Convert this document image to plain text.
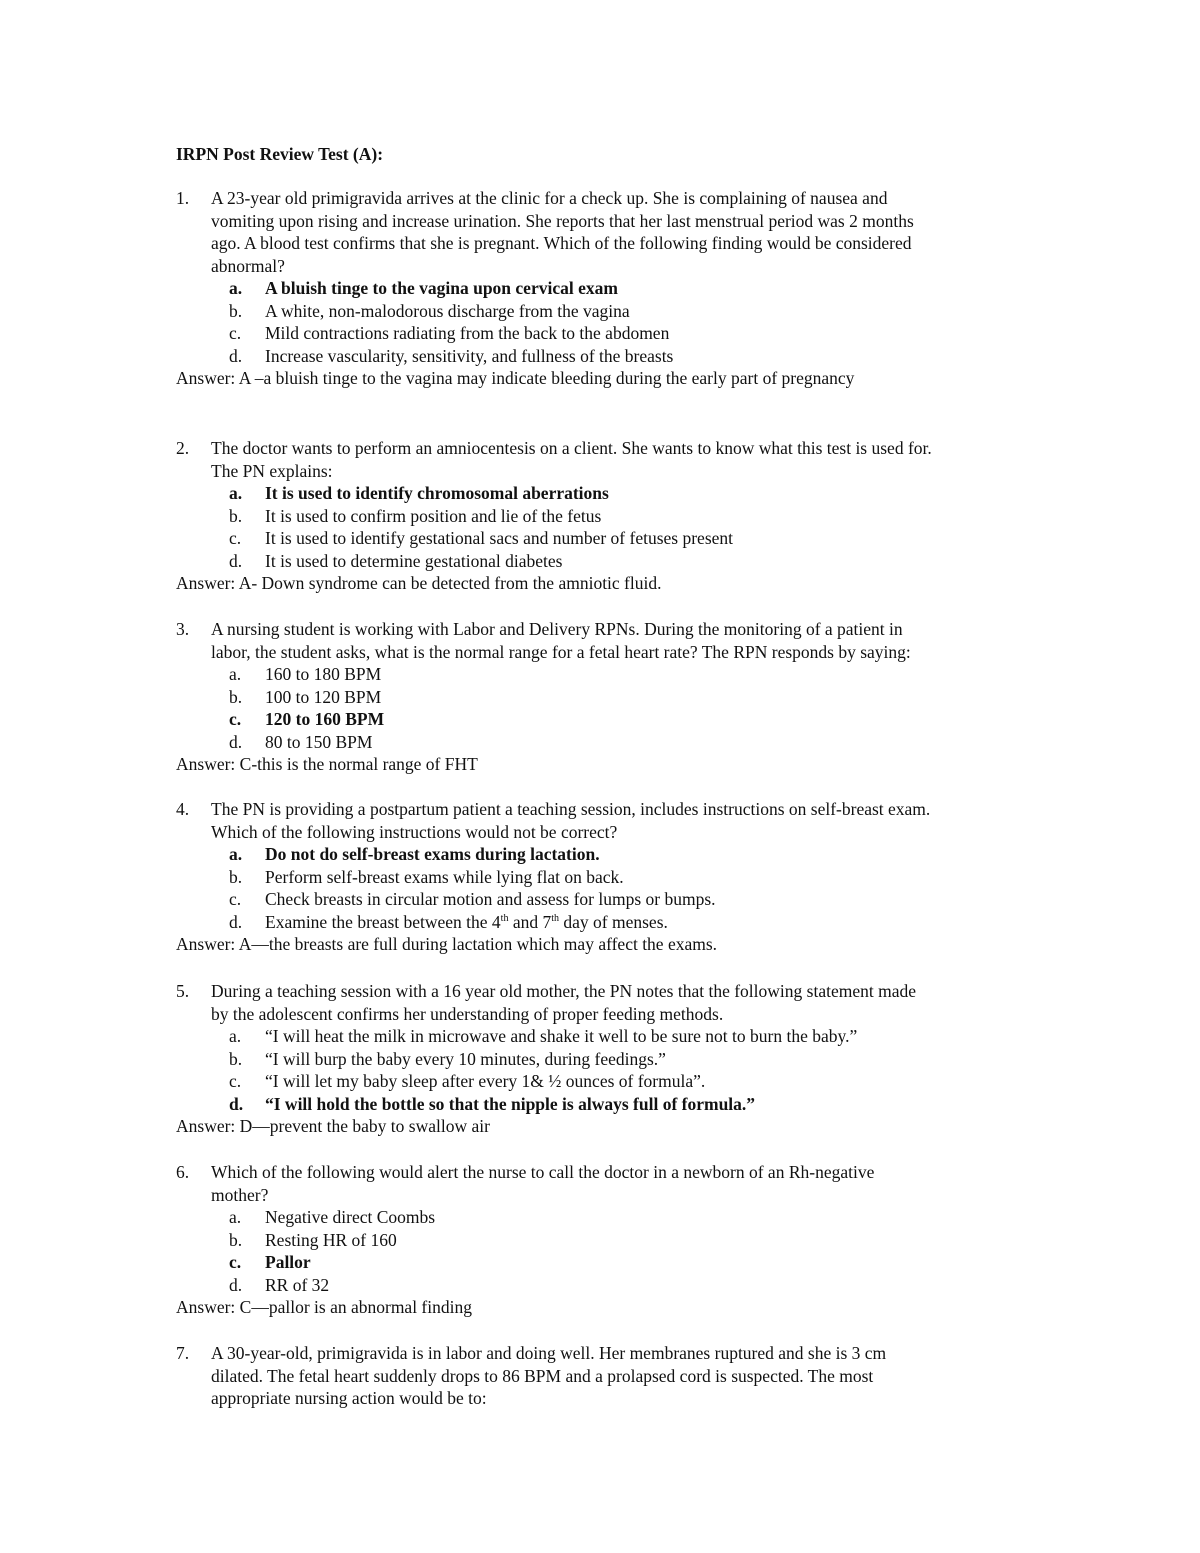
IRPN Post Review Test (A):
1.	A 23-year old primigravida arrives at the clinic for a check up. She is complaining of nausea and
vomiting upon rising and increase urination. She reports that her last menstrual period was 2 months
ago. A blood test confirms that she is pregnant. Which of the following finding would be considered
abnormal?
a.	A bluish tinge to the vagina upon cervical exam
b.	A white, non-malodorous discharge from the vagina
c.	Mild contractions radiating from the back to the abdomen
d.	Increase vascularity, sensitivity, and fullness of the breasts
Answer: A –a bluish tinge to the vagina may indicate bleeding during the early part of pregnancy
2.	The doctor wants to perform an amniocentesis on a client. She wants to know what this test is used for.
The PN explains:
a.	It is used to identify chromosomal aberrations
b.	It is used to confirm position and lie of the fetus
c.	It is used to identify gestational sacs and number of fetuses present
d.	It is used to determine gestational diabetes
Answer: A- Down syndrome can be detected from the amniotic fluid.
3.	A nursing student is working with Labor and Delivery RPNs. During the monitoring of a patient in
labor, the student asks, what is the normal range for a fetal heart rate? The RPN responds by saying:
a.	160 to 180 BPM
b.	100 to 120 BPM
c.	120 to 160 BPM
d.	80 to 150 BPM
Answer: C-this is the normal range of FHT
4.	The PN is providing a postpartum patient a teaching session, includes instructions on self-breast exam.
Which of the following instructions would not be correct?
a.	Do not do self-breast exams during lactation.
b.	Perform self-breast exams while lying flat on back.
c.	Check breasts in circular motion and assess for lumps or bumps.
d.	Examine the breast between the 4th and 7th day of menses.
Answer: A—the breasts are full during lactation which may affect the exams.
5.	During a teaching session with a 16 year old mother, the PN notes that the following statement made
by the adolescent confirms her understanding of proper feeding methods.
a.	“I will heat the milk in microwave and shake it well to be sure not to burn the baby.”
b.	“I will burp the baby every 10 minutes, during feedings.”
c.	“I will let my baby sleep after every 1& ½ ounces of formula”.
d.	“I will hold the bottle so that the nipple is always full of formula.”
Answer: D—prevent the baby to swallow air
6.	Which of the following would alert the nurse to call the doctor in a newborn of an Rh-negative
mother?
a.	Negative direct Coombs
b.	Resting HR of 160
c.	Pallor
d.	RR of 32
Answer: C—pallor is an abnormal finding
7.	A 30-year-old, primigravida is in labor and doing well. Her membranes ruptured and she is 3 cm
dilated. The fetal heart suddenly drops to 86 BPM and a prolapsed cord is suspected. The most
appropriate nursing action would be to:
